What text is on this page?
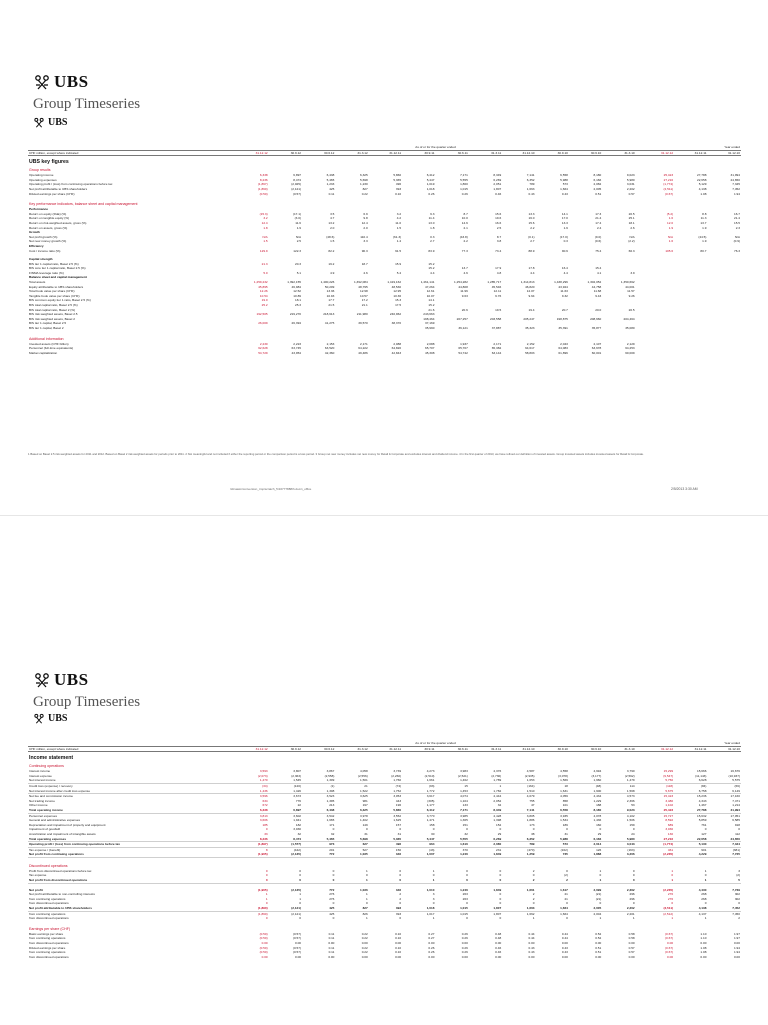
UBS
Group Timeseries
UBS
	As of or for the quarter ended												Year ended		
CHF million, except where indicated	31.12.12	30.9.12	30.6.12	31.3.12	31.12.11	30.9.11	30.6.11	31.3.11	31.12.10	30.9.10	30.6.10	31.3.10	31.12.12	31.12.11	31.12.10
UBS key figures															
Group results															
Operating income	6,338	6,897	6,438	6,325	5,860	6,412	7,171	8,349	7,141	6,558	8,180	9,023	25,423	27,788	31,994
Operating expenses	8,236	8,474	5,465	5,698	5,365	5,447	5,555	6,269	6,352	5,988	6,166	5,980	27,216	22,658	24,650
Operating profit / (loss) from continuing operations before tax	(1,897)	(2,025)	1,233	1,230	496	1,019	1,860	2,051	789	573	2,082	3,031	(1,774)	5,129	7,345
Net profit attributable to UBS shareholders	(1,890)	(2,121)	425	827	393	1,018	1,015	1,807	1,663	1,664	2,005	2,202	(2,511)	4,138	7,452
Diluted earnings per share (CHF)	(0.50)	(0.57)	0.11	0.22	0.10	0.26	0.26	0.46	0.43	0.43	0.51	0.57	(0.67)	1.08	1.94

Key performance indicators, balance sheet and capital management															
Performance															
Return on equity (RoE) (%)	(15.3)	(17.1)	3.5	6.9	3.2	9.3	8.7	15.6	13.3	14.1	17.3	20.5	(5.2)	8.8	16.7
Return on tangible equity (%)	3.2	(3.0)	4.7	9.8	4.2	11.4	10.0	19.6	16.0	17.0	21.4	25.1	1.6	11.3	21.4
Return on risk-weighted assets, gross (%)	12.4	11.6	13.2	12.4	11.0	13.0	14.6	16.6	15.6	13.3	17.4	18.1	12.0	13.7	15.5
Return on assets, gross (%)	1.8	1.9	2.0	2.0	1.5	1.8	2.1	2.5	2.2	1.9	2.4	2.6	1.9	1.9	2.3
Growth															
Net profit growth (%)	N/A	N/A	(48.6)	110.4	(61.3)	0.3	(43.8)	8.7	(0.1)	(17.0)	(9.0)	N/A	N/A	(44.5)	N/A
Net new money growth (%)	1.5	2.5	1.5	3.3	1.4	2.7	2.2	3.8	2.7	0.3	(0.6)	(2.2)	1.6	1.9	(0.9)
Efficiency															
Cost / income ratio (%)	129.9	122.3	82.2	90.3	91.5	83.9	77.3	73.4	88.9	90.9	75.4	66.3	105.6	80.7	76.3

Capital strength															
BIS tier 1 capital ratio, Basel 2.5 (%)	21.3	20.3	19.2	18.7	15.9	15.2									
BIS core tier 1 capital ratio, Basel 2.5 (%)						15.2	13.7	17.9	17.8	16.4	15.4				
FINMA leverage ratio (%)	5.0	5.1	4.9	4.6	5.4	4.4	4.6	4.8	4.4	4.4	4.1	3.9			
Balance sheet and capital management															
Total assets	1,259,232	1,392,155	1,400,226	1,392,084	1,419,162	1,461,141	1,254,282	1,285,717	1,314,813	1,438,296	1,302,052	1,350,662			
Equity attributable to UBS shareholders	45,895	46,984	50,209	48,795	48,530	47,264	44,808	45,546	46,820	43,924	44,758	44,001			
Total book value per share (CHF)	12.26	12.52	13.36	12.98	12.95	12.61	11.96	12.11	12.07	11.63	11.68	11.57			
Tangible book value per share (CHF)	10.54	10.89	10.93	10.57	10.36	10.07	9.63	9.76	9.64	9.32	9.43	9.26			
BIS common equity tier 1 ratio, Basel 2.5 (%)	19.0	18.1	17.7	17.2	15.3	14.1									
BIS total capital ratio, Basel 2.5 (%)	25.2	25.3	21.5	21.1	17.5	15.2									
BIS total capital ratio, Basel 2 (%)						21.6	20.6	19.5	19.4	20.7	20.0	20.5			
BIS risk-weighted assets, Basel 2.5	192,505	219,270	218,613	211,980	240,962	243,663									
BIS risk-weighted assets, Basel 2						198,464	207,257	203,558	205,247	198,875	208,660	204,464			
BIS tier 1 capital, Basel 2.5	26,009	26,394	41,275	39,570	38,370	37,169									
BIS tier 1 capital, Basel 2						35,990	36,121	37,887	35,323	35,391	35,877	35,080			

Additional information															
Invested assets (CHF billion)	2,230	2,223	2,153	2,171	2,088	2,088	1,937	2,171	2,152	2,043	2,107	2,129			
Personnel (full-time equivalents)	62,628	63,745	63,520	64,222	64,820	65,707	65,707	65,382	64,617	64,083	63,678	64,253			
Market capitalization	54,729	43,954	42,360	49,486	42,843	45,308	54,742	63,144	58,803	61,896	60,001	60,009			
1 Based on Basel 2.5 risk-weighted assets for 2011 and 2012. Based on Basel 2 risk-weighted assets for periods prior to 2011. 2 Not meaningful and not included if either the reporting period or the comparison period is a loss period. 3 Group net new money includes net new money for Retail & Corporate and excludes interest and dividend income. 4 In the first quarter of 2013, we have refined our definition of invested assets. Group invested assets includes invested assets for Retail & Corporate.
\\drsawin\conversion_tmp\scratch_5\167778883\.docx\_office	2/5/2013 3:30 AM
UBS
Group Timeseries
UBS
	As of or for the quarter ended												Year ended		
CHF million, except where indicated	31.12.12	30.9.12	30.6.12	31.3.12	31.12.11	30.9.11	30.6.11	31.3.11	31.12.10	30.9.10	30.6.10	31.3.10	31.12.12	31.12.11	31.12.10
Income statement															
Continuing operations															
Interest income	3,593	3,807	3,867	4,058	3,739	4,273	3,983	4,376	4,587	4,558	4,994	3,790	15,299	15,666	16,676
Interest expense	(2,073)	(2,363)	(2,558)	(2,556)	(2,260)	(2,510)	(2,521)	(2,736)	(2,935)	(3,078)	(3,177)	(2,592)	(9,547)	(11,143)	(10,937)
Net interest income	1,470	1,545	1,309	1,501	1,760	1,661	1,462	1,789	1,653	1,569	1,960	1,479	5,750	6,628	5,575
Credit loss (expense) / recovery	(34)	(120)	(1)	21	(74)	(93)	15	1	(164)	18	(48)	114	(118)	(84)	(66)
Net interest income after credit loss expense	1,436	1,426	1,308	1,522	1,752	1,772	1,453	1,782	1,510	1,631	1,900	1,568	5,675	6,758	6,149
Net fee and commission income	3,596	3,673	3,523	3,625	3,053	3,617	4,074	4,444	4,079	4,059	4,434	4,573	15,423	15,236	17,160
Net trading income	634	776	1,395	981	443	(305)	1,104	2,052	755	858	1,229	2,366	3,480	4,343	7,471
Other income	672	22	213	197	196	1,177	133	32	47	101	188	53	1,102	1,467	1,214
Total operating income	6,338	6,897	6,438	6,325	5,860	6,412	7,171	8,349	7,141	6,558	8,180	9,023	25,423	27,788	31,994
Personnel expenses	3,813	3,602	3,542	3,978	3,552	3,770	3,985	4,428	3,805	3,935	4,078	4,102	15,727	15,632	17,051
General and administrative expenses	3,606	1,941	1,665	1,402	1,625	1,471	1,365	1,398	1,886	1,534	1,436	1,506	8,592	5,859	6,585
Depreciation and impairment of property and equipment	185	182	171	149	157	158	151	152	173	189	160	159	689	761	918
Impairment of goodwill	0	3,030	0	0	0	0	0	0	0	0	0	0	3,030	0	0
Amortization and impairment of intangible assets	33	32	32	31	31	30	32	29	38	31	29	24	130	127	112
Total operating expenses	8,236	8,474	5,465	5,698	5,365	5,447	5,555	6,269	6,352	5,988	6,166	5,980	27,216	22,658	24,650
Operating profit / (loss) from continuing operations before tax	(1,897)	(1,577)	973	627	496	964	1,616	2,080	789	573	2,014	3,043	(1,774)	5,130	7,344
Tax expense / (benefit)	8	(442)	201	527	150	(43)	370	231	(470)	(162)	126	(163)	461	901	(381)
Net profit from continuing operations	(1,905)	(2,135)	772	1,035	346	1,007	1,246	1,849	1,259	735	1,888	3,206	(2,235)	4,229	7,725

Discontinued operations															
Profit from discontinued operations before tax	0	0	0	1	0	1	0	0	2	0	1	0	1	1	3
Tax expense	0	0	0	0	0	0	0	0	0	(2)	0	0	0	0	(2)
Net profit from discontinued operations	0	0	0	1	0	1	0	0	2	2	1	0	1	1	5

Net profit	(1,905)	(2,135)	772	1,036	346	1,010	1,246	1,849	1,661	1,617	2,099	2,362	(2,235)	4,430	7,739
Net profit attributable to non-controlling interests	1	1	276	1	2	3	263	0	2	21	(21)	296	276	268	302
from continuing operations	1	1	276	1	2	3	263	0	2	21	(21)	296	276	268	302
from discontinued operations	0	0	0	0	0	0	0	0	0	0	0	0	0	0	0
Net profit attributable to UBS shareholders	(1,890)	(2,121)	425	827	393	1,018	1,015	1,807	1,663	1,664	2,005	2,202	(2,511)	4,138	7,452
from continuing operations	(1,890)	(2,121)	425	826	393	1,017	1,015	1,807	1,662	1,664	2,004	2,201	(2,512)	4,137	7,450
from discontinued operations	0	0	0	1	0	1	0	0	1	0	1	1	1	1	2

Earnings per share (CHF)															
Basic earnings per share	(0.50)	(0.57)	0.11	0.22	0.10	0.27	0.26	0.48	0.44	0.44	0.52	0.58	(0.67)	1.10	1.97
from continuing operations	(0.50)	(0.57)	0.11	0.22	0.10	0.27	0.26	0.48	0.44	0.44	0.52	0.58	(0.67)	1.10	1.97
from discontinued operations	0.00	0.00	0.00	0.00	0.00	0.00	0.00	0.00	0.00	0.00	0.00	0.00	0.00	0.00	0.00
Diluted earnings per share	(0.50)	(0.57)	0.11	0.22	0.10	0.26	0.26	0.46	0.43	0.43	0.51	0.57	(0.67)	1.08	1.94
from continuing operations	(0.50)	(0.57)	0.11	0.22	0.10	0.26	0.26	0.46	0.43	0.43	0.51	0.57	(0.67)	1.08	1.94
from discontinued operations	0.00	0.00	0.00	0.00	0.00	0.00	0.00	0.00	0.00	0.00	0.00	0.00	0.00	0.00	0.00
